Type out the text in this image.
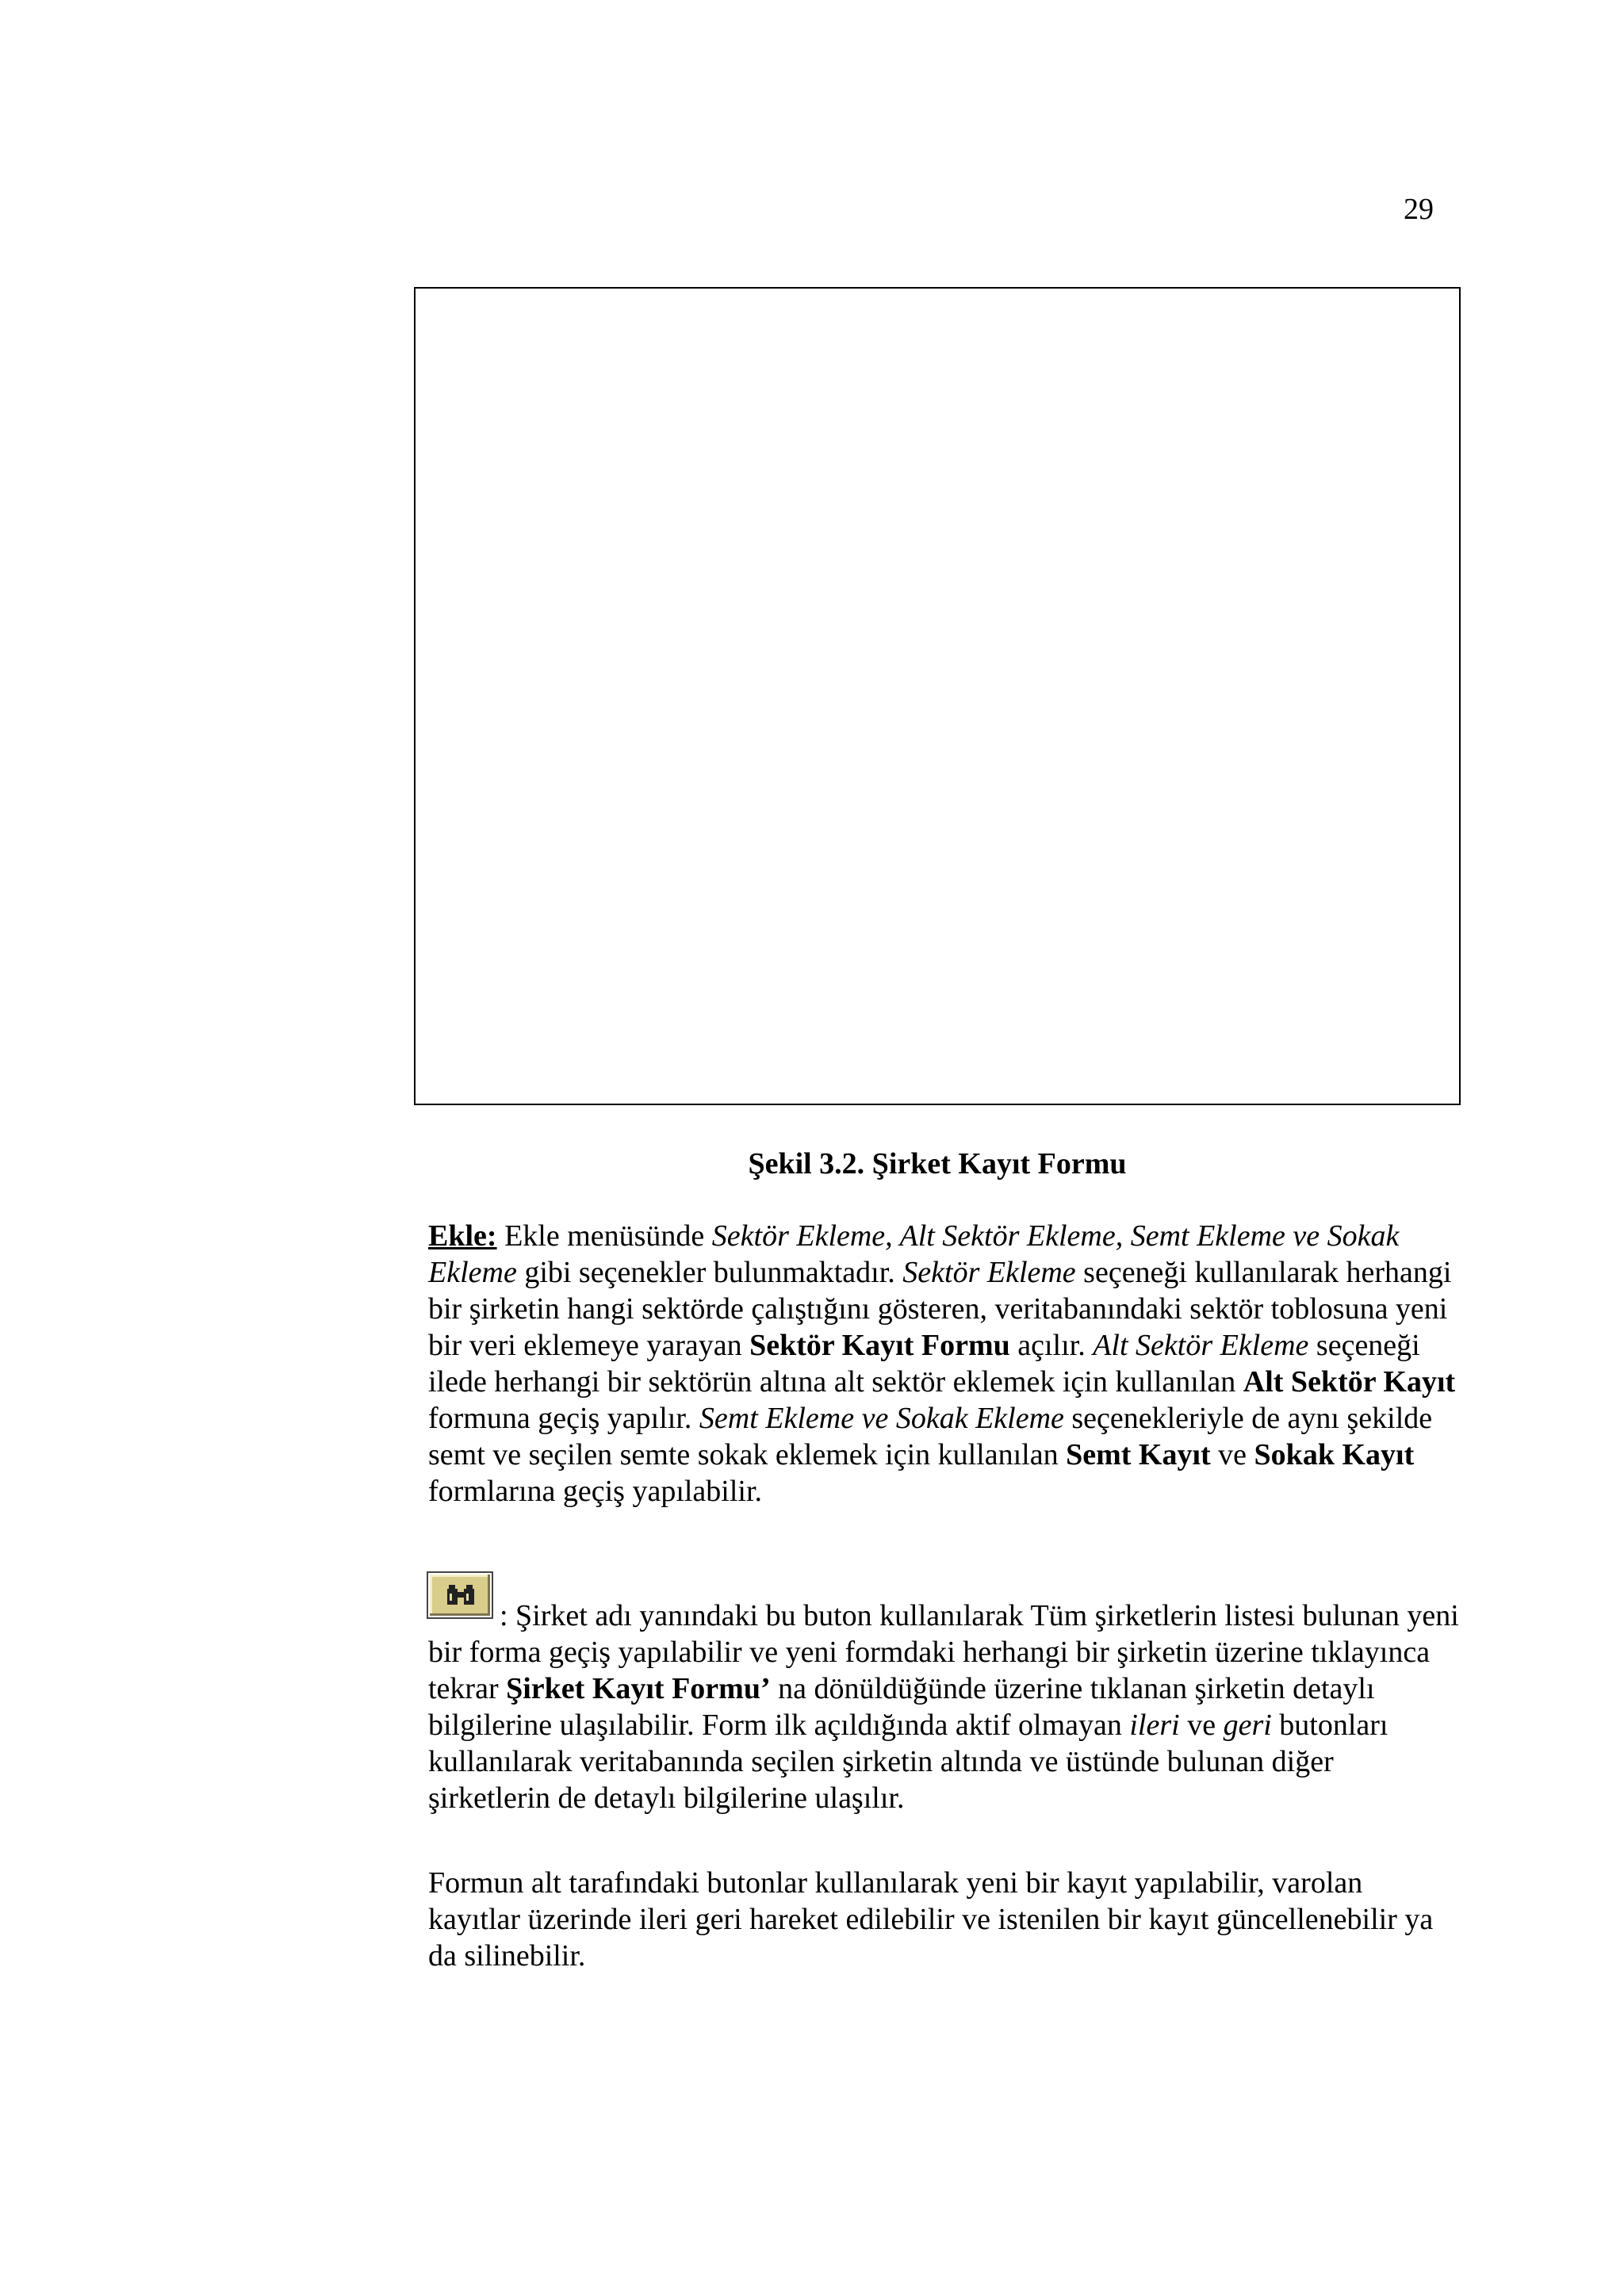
29
Şekil 3.2. Şirket Kayıt Formu

Ekle: Ekle menüsünde Sektör Ekleme, Alt Sektör Ekleme, Semt Ekleme ve Sokak Ekleme gibi seçenekler bulunmaktadır. Sektör Ekleme seçeneği kullanılarak herhangi bir şirketin hangi sektörde çalıştığını gösteren, veritabanındaki sektör toblosuna yeni bir veri eklemeye yarayan Sektör Kayıt Formu açılır. Alt Sektör Ekleme seçeneği ilede herhangi bir sektörün altına alt sektör eklemek için kullanılan Alt Sektör Kayıt formuna geçiş yapılır. Semt Ekleme ve Sokak Ekleme seçenekleriyle de aynı şekilde semt ve seçilen semte sokak eklemek için kullanılan Semt Kayıt ve Sokak Kayıt formlarına geçiş yapılabilir.

: Şirket adı yanındaki bu buton kullanılarak Tüm şirketlerin listesi bulunan yeni bir forma geçiş yapılabilir ve yeni formdaki herhangi bir şirketin üzerine tıklayınca tekrar Şirket Kayıt Formu’ na dönüldüğünde üzerine tıklanan şirketin detaylı bilgilerine ulaşılabilir. Form ilk açıldığında aktif olmayan ileri ve geri butonları kullanılarak veritabanında seçilen şirketin altında ve üstünde bulunan diğer şirketlerin de detaylı bilgilerine ulaşılır.

Formun alt tarafındaki butonlar kullanılarak yeni bir kayıt yapılabilir, varolan kayıtlar üzerinde ileri geri hareket edilebilir ve istenilen bir kayıt güncellenebilir ya da silinebilir.
